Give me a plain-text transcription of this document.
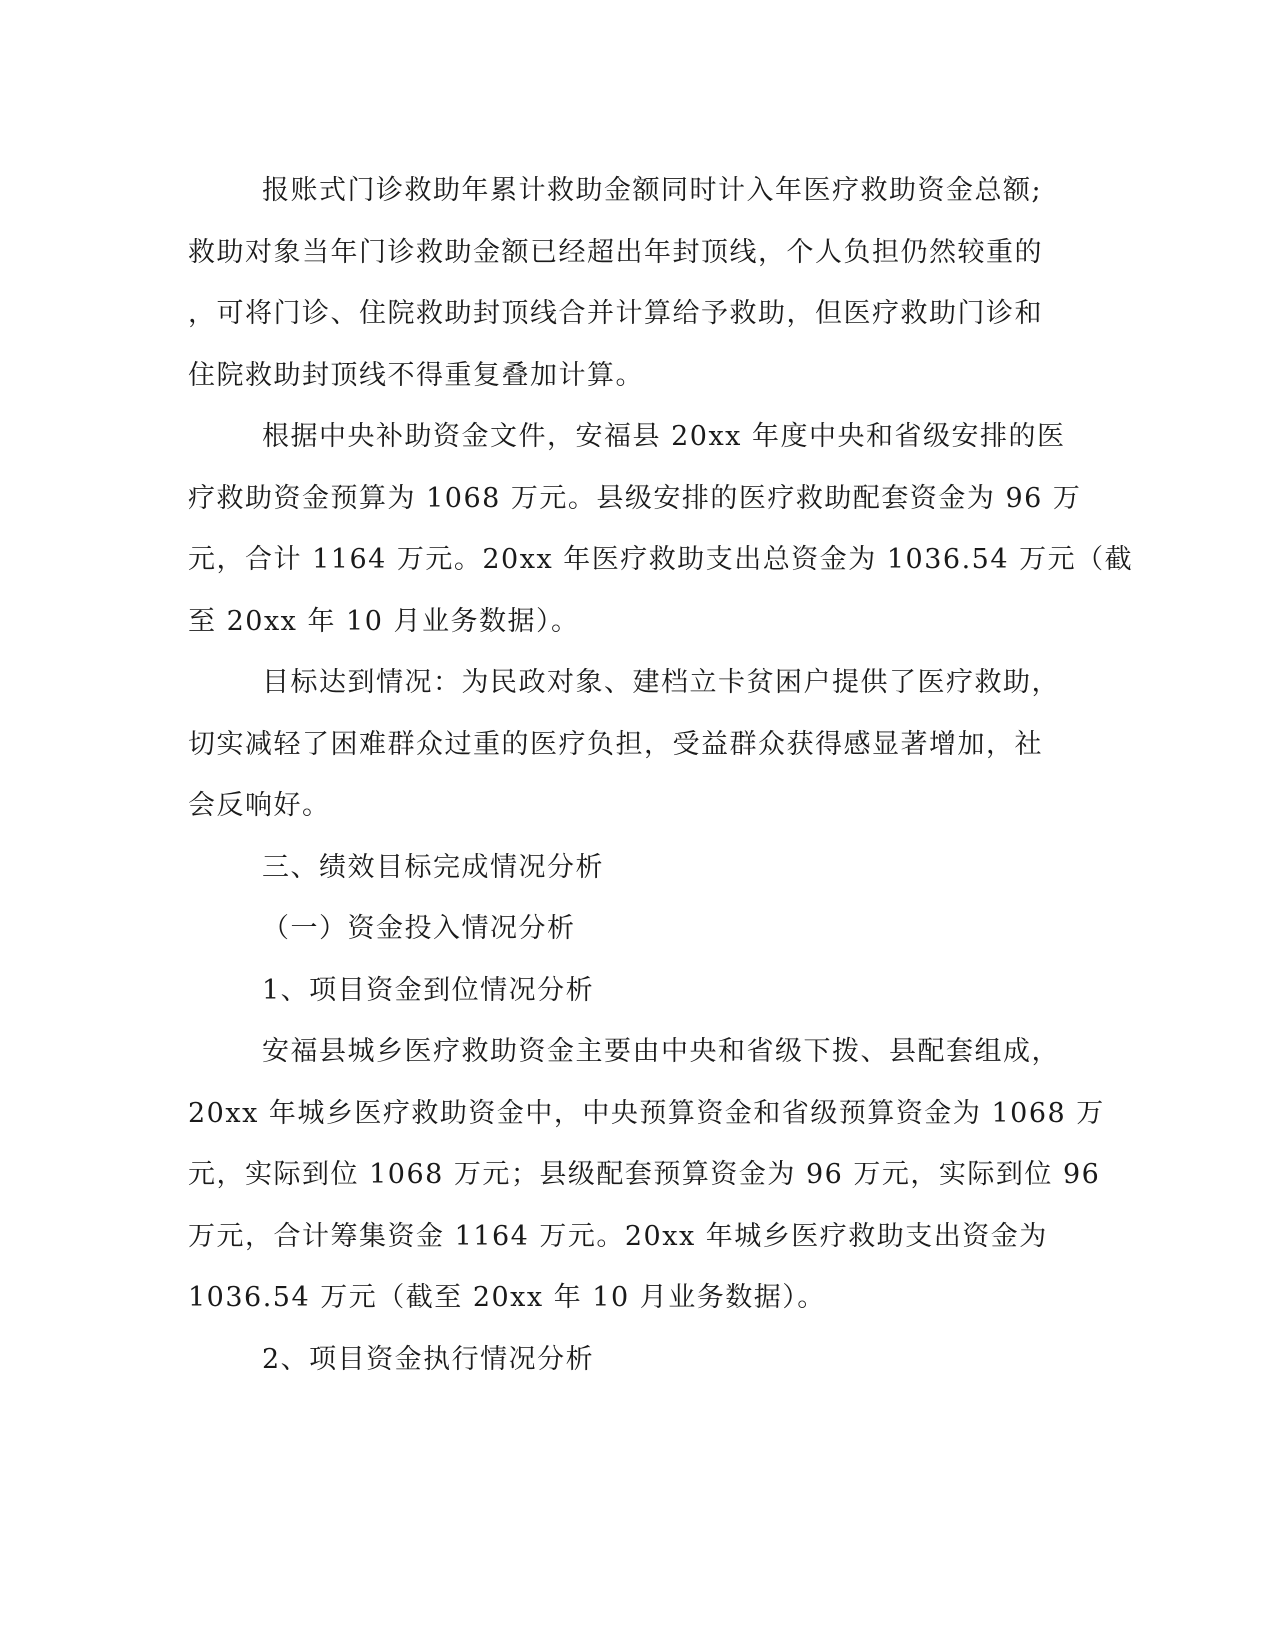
报账式门诊救助年累计救助金额同时计入年医疗救助资金总额;
救助对象当年门诊救助金额已经超出年封顶线，个人负担仍然较重的
，可将门诊、住院救助封顶线合并计算给予救助，但医疗救助门诊和
住院救助封顶线不得重复叠加计算。
根据中央补助资金文件，安福县 20xx 年度中央和省级安排的医
疗救助资金预算为 1068 万元。县级安排的医疗救助配套资金为 96 万
元，合计 1164 万元。20xx 年医疗救助支出总资金为 1036.54 万元（截
至 20xx 年 10 月业务数据）。
目标达到情况：为民政对象、建档立卡贫困户提供了医疗救助，
切实减轻了困难群众过重的医疗负担，受益群众获得感显著增加，社
会反响好。
三、绩效目标完成情况分析
（一）资金投入情况分析
1、项目资金到位情况分析
安福县城乡医疗救助资金主要由中央和省级下拨、县配套组成，
20xx 年城乡医疗救助资金中，中央预算资金和省级预算资金为 1068 万
元，实际到位 1068 万元；县级配套预算资金为 96 万元，实际到位 96
万元，合计筹集资金 1164 万元。20xx 年城乡医疗救助支出资金为
1036.54 万元（截至 20xx 年 10 月业务数据）。
2、项目资金执行情况分析
